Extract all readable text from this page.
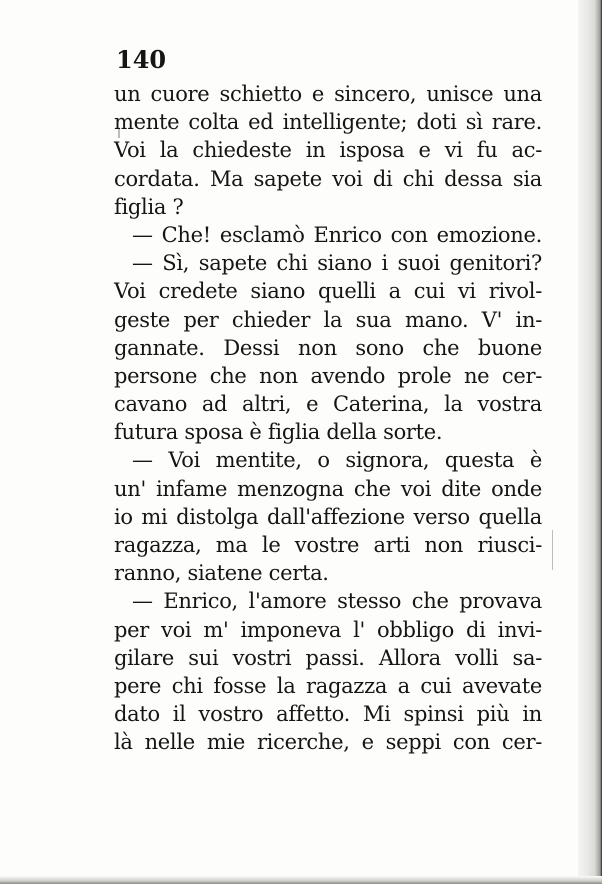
140
un cuore schietto e sincero, unisce una
mente colta ed intelligente; doti sì rare.
Voi la chiedeste in isposa e vi fu ac-
cordata. Ma sapete voi di chi dessa sia
figlia ?
— Che! esclamò Enrico con emozione.
— Sì, sapete chi siano i suoi genitori?
Voi credete siano quelli a cui vi rivol-
geste per chieder la sua mano. V' in-
gannate. Dessi non sono che buone
persone che non avendo prole ne cer-
cavano ad altri, e Caterina, la vostra
futura sposa è figlia della sorte.
— Voi mentite, o signora, questa è
un' infame menzogna che voi dite onde
io mi distolga dall'affezione verso quella
ragazza, ma le vostre arti non riusci-
ranno, siatene certa.
— Enrico, l'amore stesso che provava
per voi m' imponeva l' obbligo di invi-
gilare sui vostri passi. Allora volli sa-
pere chi fosse la ragazza a cui avevate
dato il vostro affetto. Mi spinsi più in
là nelle mie ricerche, e seppi con cer-
